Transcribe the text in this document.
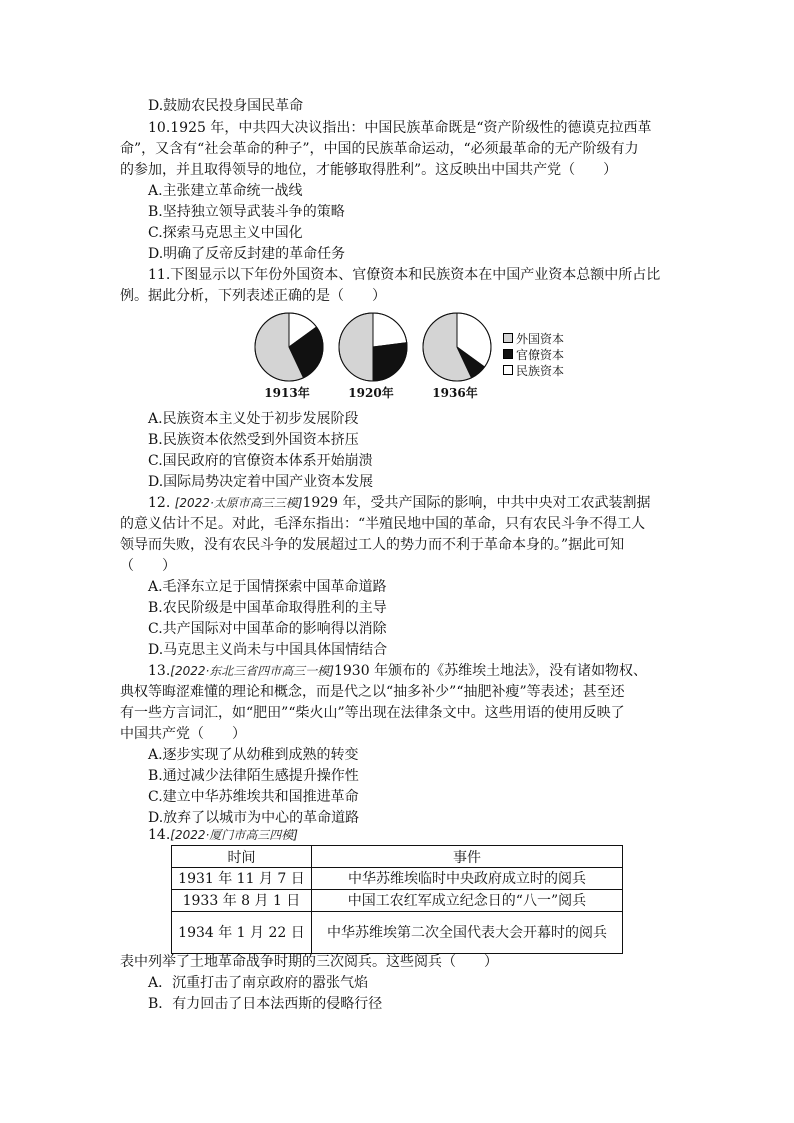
D.鼓励农民投身国民革命
10.1925 年，中共四大决议指出：中国民族革命既是“资产阶级性的德谟克拉西革
命”，又含有“社会革命的种子”，中国的民族革命运动，“必须最革命的无产阶级有力
的参加，并且取得领导的地位，才能够取得胜利”。这反映出中国共产党（　　）
A.主张建立革命统一战线
B.坚持独立领导武装斗争的策略
C.探索马克思主义中国化
D.明确了反帝反封建的革命任务
11.下图显示以下年份外国资本、官僚资本和民族资本在中国产业资本总额中所占比
例。据此分析，下列表述正确的是（　　）
1913年	1920年	1936年
外国资本
官僚资本
民族资本
A.民族资本主义处于初步发展阶段
B.民族资本依然受到外国资本挤压
C.国民政府的官僚资本体系开始崩溃
D.国际局势决定着中国产业资本发展
12. [2022·太原市高三三模]1929 年，受共产国际的影响，中共中央对工农武装割据
的意义估计不足。对此，毛泽东指出：“半殖民地中国的革命，只有农民斗争不得工人
领导而失败，没有农民斗争的发展超过工人的势力而不利于革命本身的。”据此可知
（　　）
A.毛泽东立足于国情探索中国革命道路
B.农民阶级是中国革命取得胜利的主导
C.共产国际对中国革命的影响得以消除
D.马克思主义尚未与中国具体国情结合
13.[2022·东北三省四市高三一模]1930 年颁布的《苏维埃土地法》，没有诸如物权、
典权等晦涩难懂的理论和概念，而是代之以“抽多补少”“抽肥补瘦”等表述；甚至还
有一些方言词汇，如“肥田”“柴火山”等出现在法律条文中。这些用语的使用反映了
中国共产党（　　）
A.逐步实现了从幼稚到成熟的转变
B.通过减少法律陌生感提升操作性
C.建立中华苏维埃共和国推进革命
D.放弃了以城市为中心的革命道路
14.[2022·厦门市高三四模]
时间	事件
1931 年 11 月 7 日	中华苏维埃临时中央政府成立时的阅兵
1933 年 8 月 1 日	中国工农红军成立纪念日的“八一”阅兵
1934 年 1 月 22 日	中华苏维埃第二次全国代表大会开幕时的阅兵
表中列举了土地革命战争时期的三次阅兵。这些阅兵（　　）
A．沉重打击了南京政府的嚣张气焰
B．有力回击了日本法西斯的侵略行径
